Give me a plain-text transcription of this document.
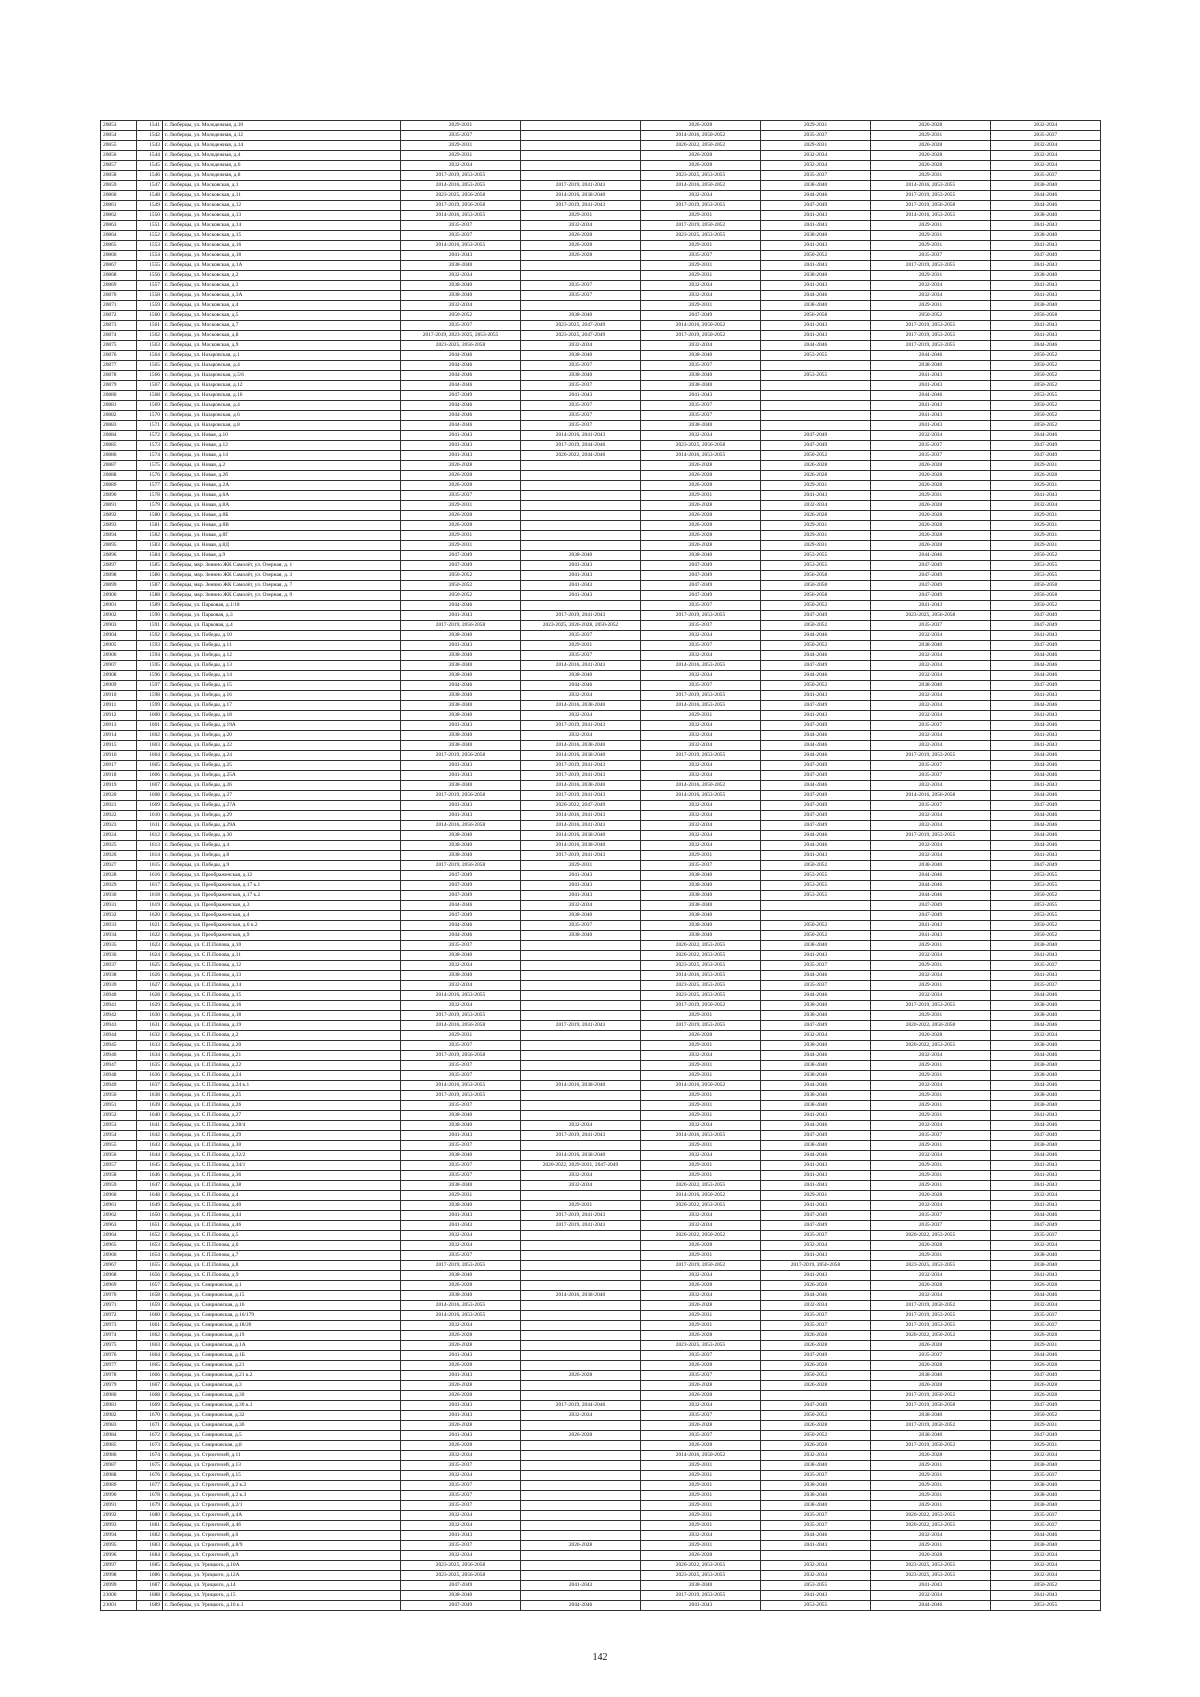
20853	1541	г. Люберцы, ул. Молодежная, д.10	2029-2031		2026-2028	2029-2031	2026-2028	2032-2034
20854	1542	г. Люберцы, ул. Молодежная, д.12	2035-2037		2014-2016, 2050-2052	2035-2037	2029-2031	2035-2037
20855	1543	г. Люберцы, ул. Молодежная, д.14	2029-2031		2020-2022, 2050-2052	2029-2031	2026-2028	2032-2034
20856	1544	г. Люберцы, ул. Молодежная, д.4	2029-2031		2026-2028	2032-2034	2026-2028	2032-2034
20857	1545	г. Люберцы, ул. Молодежная, д.6	2032-2034		2026-2028	2032-2034	2026-2028	2032-2034
20858	1546	г. Люберцы, ул. Молодежная, д.8	2017-2019, 2053-2055		2023-2025, 2053-2055	2035-2037	2029-2031	2035-2037
20859	1547	г. Люберцы, ул. Московская, д.1	2014-2016, 2053-2055	2017-2019, 2041-2043	2014-2016, 2050-2052	2038-2040	2014-2016, 2053-2055	2038-2040
20860	1548	г. Люберцы, ул. Московская, д.11	2023-2025, 2056-2058	2014-2016, 2038-2040	2032-2034	2044-2046	2017-2019, 2053-2055	2044-2046
20861	1549	г. Люберцы, ул. Московская, д.12	2017-2019, 2056-2058	2017-2019, 2041-2043	2017-2019, 2053-2055	2047-2049	2017-2019, 2056-2058	2044-2046
20862	1550	г. Люберцы, ул. Московская, д.13	2014-2016, 2053-2055	2029-2031	2029-2031	2041-2043	2014-2016, 2053-2055	2038-2040
20863	1551	г. Люберцы, ул. Московская, д.14	2035-2037	2032-2034	2017-2019, 2050-2052	2041-2043	2029-2031	2041-2043
20864	1552	г. Люберцы, ул. Московская, д.15	2035-2037	2026-2028	2023-2025, 2053-2055	2038-2040	2029-2031	2038-2040
20865	1553	г. Люберцы, ул. Московская, д.16	2014-2016, 2053-2055	2026-2028	2029-2031	2041-2043	2029-2031	2041-2043
20866	1554	г. Люберцы, ул. Московская, д.18	2041-2043	2026-2028	2035-2037	2050-2052	2035-2037	2047-2049
20867	1555	г. Люберцы, ул. Московская, д.1А	2038-2040		2029-2031	2041-2043	2017-2019, 2053-2055	2041-2043
20868	1556	г. Люберцы, ул. Московская, д.2	2032-2034		2029-2031	2038-2040	2029-2031	2038-2040
20869	1557	г. Люберцы, ул. Московская, д.3	2038-2040	2035-2037	2032-2034	2041-2043	2032-2034	2041-2043
20870	1558	г. Люберцы, ул. Московская, д.3А	2038-2040	2035-2037	2032-2034	2044-2046	2032-2034	2041-2043
20871	1559	г. Люберцы, ул. Московская, д.4	2032-2034		2029-2031	2038-2040	2029-2031	2038-2040
20872	1560	г. Люберцы, ул. Московская, д.5	2050-2052	2038-2040	2047-2049	2056-2058	2050-2052	2056-2058
20873	1561	г. Люберцы, ул. Московская, д.7	2035-2037	2023-2025, 2047-2049	2014-2016, 2050-2052	2041-2043	2017-2019, 2053-2055	2041-2043
20874	1562	г. Люберцы, ул. Московская, д.8	2017-2019, 2023-2025, 2053-2055	2023-2025, 2047-2049	2017-2019, 2050-2052	2041-2043	2017-2019, 2053-2055	2041-2043
20875	1563	г. Люберцы, ул. Московская, д.9	2023-2025, 2056-2058	2032-2034	2032-2034	2044-2046	2017-2019, 2053-2055	2044-2046
20876	1564	г. Люберцы, ул. Назаровская, д.1	2044-2046	2038-2040	2038-2040	2053-2055	2044-2046	2050-2052
20877	1565	г. Люберцы, ул. Назаровская, д.4	2044-2046	2035-2037	2035-2037		2038-2040	2050-2052
20878	1566	г. Люберцы, ул. Назаровская, д.5/6	2044-2046	2038-2040	2038-2040	2053-2055	2041-2043	2050-2052
20879	1567	г. Люберцы, ул. Назаровская, д.12	2044-2046	2035-2037	2038-2040		2041-2043	2050-2052
20880	1568	г. Люберцы, ул. Назаровская, д.16	2047-2049	2041-2043	2041-2043		2044-2046	2053-2055
20881	1569	г. Люберцы, ул. Назаровская, д.4	2044-2046	2035-2037	2035-2037		2041-2043	2050-2052
20882	1570	г. Люберцы, ул. Назаровская, д.6	2044-2046	2035-2037	2035-2037		2041-2043	2050-2052
20883	1571	г. Люберцы, ул. Назаровская, д.8	2044-2046	2035-2037	2038-2040		2041-2043	2050-2052
20884	1572	г. Люберцы, ул. Новая, д.10	2041-2043	2014-2016, 2041-2043	2032-2034	2047-2049	2032-2034	2044-2046
20885	1573	г. Люберцы, ул. Новая, д.12	2041-2043	2017-2019, 2044-2046	2023-2025, 2056-2058	2047-2049	2035-2037	2047-2049
20886	1574	г. Люберцы, ул. Новая, д.14	2041-2043	2020-2022, 2044-2046	2014-2016, 2053-2055	2050-2052	2035-2037	2047-2049
20887	1575	г. Люберцы, ул. Новая, д.2	2026-2028		2026-2028	2026-2028	2026-2028	2029-2031
20888	1576	г. Люберцы, ул. Новая, д.2б	2026-2028		2026-2028	2026-2028	2026-2028	2026-2028
20889	1577	г. Люберцы, ул. Новая, д.2А	2026-2028		2026-2028	2029-2031	2026-2028	2029-2031
20890	1578	г. Люберцы, ул. Новая, д.6А	2035-2037		2029-2031	2041-2043	2029-2031	2041-2043
20891	1579	г. Люберцы, ул. Новая, д.8А	2029-2031		2026-2028	2032-2034	2026-2028	2032-2034
20892	1580	г. Люберцы, ул. Новая, д.8Б	2026-2028		2026-2028	2026-2028	2026-2028	2029-2031
20893	1581	г. Люберцы, ул. Новая, д.8В	2026-2028		2026-2028	2029-2031	2026-2028	2029-2031
20894	1582	г. Люберцы, ул. Новая, д.8Г	2029-2031		2026-2028	2029-2031	2026-2028	2029-2031
20895	1583	г. Люберцы, ул. Новая, д.8Д	2029-2031		2026-2028	2029-2031	2026-2028	2029-2031
20896	1584	г. Люберцы, ул. Новая, д.9	2047-2049	2038-2040	2038-2040	2053-2055	2044-2046	2050-2052
20897	1585	г. Люберцы, мкр. Зенино ЖК Самолёт, ул. Озерная, д. 1	2047-2049	2041-2043	2047-2049	2053-2055	2047-2049	2053-2055
20898	1586	г. Люберцы, мкр. Зенино ЖК Самолёт, ул. Озерная, д. 3	2050-2052	2041-2043	2047-2049	2056-2058	2047-2049	2053-2055
20899	1587	г. Люберцы, мкр. Зенино ЖК Самолёт, ул. Озерная, д. 7	2050-2052	2041-2043	2047-2049	2056-2058	2047-2049	2056-2058
20900	1588	г. Люберцы, мкр. Зенино ЖК Самолёт, ул. Озерная, д. 9	2050-2052	2041-2043	2047-2049	2056-2058	2047-2049	2056-2058
20901	1589	г. Люберцы, ул. Парковая, д.1/18	2044-2046		2035-2037	2050-2052	2041-2043	2050-2052
20902	1590	г. Люберцы, ул. Парковая, д.3	2041-2043	2017-2019, 2041-2043	2017-2019, 2053-2055	2047-2049	2023-2025, 2056-2058	2047-2049
20903	1591	г. Люберцы, ул. Парковая, д.4	2017-2019, 2056-2058	2023-2025, 2026-2028, 2050-2052	2035-2037	2050-2052	2035-2037	2047-2049
20904	1592	г. Люберцы, ул. Победы, д.10	2038-2040	2035-2037	2032-2034	2044-2046	2032-2034	2041-2043
20905	1593	г. Люберцы, ул. Победы, д.11	2041-2043	2029-2031	2035-2037	2050-2052	2038-2040	2047-2049
20906	1594	г. Люберцы, ул. Победы, д.12	2038-2040	2035-2037	2032-2034	2044-2046	2032-2034	2044-2046
20907	1595	г. Люберцы, ул. Победы, д.13	2038-2040	2014-2016, 2041-2043	2014-2016, 2053-2055	2047-2049	2032-2034	2044-2046
20908	1596	г. Люберцы, ул. Победы, д.14	2038-2040	2038-2040	2032-2034	2044-2046	2032-2034	2044-2046
20909	1597	г. Люберцы, ул. Победы, д.15	2044-2046	2044-2046	2035-2037	2050-2052	2038-2040	2047-2049
20910	1598	г. Люберцы, ул. Победы, д.16	2038-2040	2032-2034	2017-2019, 2053-2055	2041-2043	2032-2034	2041-2043
20911	1599	г. Люберцы, ул. Победы, д.17	2038-2040	2014-2016, 2038-2040	2014-2016, 2053-2055	2047-2049	2032-2034	2044-2046
20912	1600	г. Люберцы, ул. Победы, д.18	2038-2040	2032-2034	2029-2031	2041-2043	2032-2034	2041-2043
20913	1601	г. Люберцы, ул. Победы, д.19А	2041-2043	2017-2019, 2041-2043	2032-2034	2047-2049	2035-2037	2044-2046
20914	1602	г. Люберцы, ул. Победы, д.20	2038-2040	2032-2034	2032-2034	2044-2046	2032-2034	2041-2043
20915	1603	г. Люберцы, ул. Победы, д.22	2038-2040	2014-2016, 2038-2040	2032-2034	2044-2046	2032-2034	2041-2043
20916	1604	г. Люберцы, ул. Победы, д.24	2017-2019, 2056-2058	2014-2016, 2038-2040	2017-2019, 2053-2055	2044-2046	2017-2019, 2053-2055	2044-2046
20917	1605	г. Люберцы, ул. Победы, д.25	2041-2043	2017-2019, 2041-2043	2032-2034	2047-2049	2035-2037	2044-2046
20918	1606	г. Люберцы, ул. Победы, д.25А	2041-2043	2017-2019, 2041-2043	2032-2034	2047-2049	2035-2037	2044-2046
20919	1607	г. Люберцы, ул. Победы, д.26	2038-2040	2014-2016, 2038-2040	2014-2016, 2050-2052	2044-2046	2032-2034	2041-2043
20920	1608	г. Люберцы, ул. Победы, д.27	2017-2019, 2056-2058	2017-2019, 2041-2043	2014-2016, 2053-2055	2047-2049	2014-2016, 2056-2058	2044-2046
20921	1609	г. Люберцы, ул. Победы, д.27А	2041-2043	2020-2022, 2047-2049	2032-2034	2047-2049	2035-2037	2047-2049
20922	1610	г. Люберцы, ул. Победы, д.29	2041-2043	2014-2016, 2041-2043	2032-2034	2047-2049	2032-2034	2044-2046
20923	1611	г. Люберцы, ул. Победы, д.29А	2014-2016, 2056-2058	2014-2016, 2041-2043	2032-2034	2047-2049	2032-2034	2044-2046
20924	1612	г. Люберцы, ул. Победы, д.30	2038-2040	2014-2016, 2038-2040	2032-2034	2044-2046	2017-2019, 2053-2055	2044-2046
20925	1613	г. Люберцы, ул. Победы, д.4	2038-2040	2014-2016, 2038-2040	2032-2034	2044-2046	2032-2034	2044-2046
20926	1614	г. Люберцы, ул. Победы, д.8	2038-2040	2017-2019, 2041-2043	2029-2031	2041-2043	2032-2034	2041-2043
20927	1615	г. Люберцы, ул. Победы, д.9	2017-2019, 2056-2058	2029-2031	2035-2037	2050-2052	2038-2040	2047-2049
20928	1616	г. Люберцы, ул. Преображенская, д.12	2047-2049	2041-2043	2038-2040	2053-2055	2044-2046	2053-2055
20929	1617	г. Люберцы, ул. Преображенская, д.17 к.1	2047-2049	2041-2043	2038-2040	2053-2055	2044-2046	2053-2055
20930	1618	г. Люберцы, ул. Преображенская, д.17 к.2	2047-2049	2041-2043	2038-2040	2053-2055	2044-2046	2050-2052
20931	1619	г. Люберцы, ул. Преображенская, д.3	2044-2046	2032-2034	2038-2040		2047-2049	2053-2055
20932	1620	г. Люберцы, ул. Преображенская, д.4	2047-2049	2038-2040	2038-2040		2047-2049	2053-2055
20933	1621	г. Люберцы, ул. Преображенская, д.6 к.2	2044-2046	2035-2037	2038-2040	2050-2052	2041-2043	2050-2052
20934	1622	г. Люберцы, ул. Преображенская, д.9	2044-2046	2038-2040	2038-2040	2050-2052	2041-2043	2050-2052
20935	1623	г. Люберцы, ул. С.П.Попова, д.10	2035-2037		2020-2022, 2053-2055	2038-2040	2029-2031	2038-2040
20936	1624	г. Люберцы, ул. С.П.Попова, д.11	2038-2040		2020-2022, 2053-2055	2041-2043	2032-2034	2041-2043
20937	1625	г. Люберцы, ул. С.П.Попова, д.12	2032-2034		2023-2025, 2053-2055	2035-2037	2029-2031	2035-2037
20938	1626	г. Люберцы, ул. С.П.Попова, д.13	2038-2040		2014-2016, 2053-2055	2044-2046	2032-2034	2041-2043
20939	1627	г. Люберцы, ул. С.П.Попова, д.14	2032-2034		2023-2025, 2053-2055	2035-2037	2029-2031	2035-2037
20940	1628	г. Люберцы, ул. С.П.Попова, д.15	2014-2016, 2053-2055		2023-2025, 2053-2055	2044-2046	2032-2034	2044-2046
20941	1629	г. Люберцы, ул. С.П.Попова, д.16	2032-2034		2017-2019, 2050-2052	2038-2040	2017-2019, 2053-2055	2038-2040
20942	1630	г. Люберцы, ул. С.П.Попова, д.18	2017-2019, 2053-2055		2029-2031	2038-2040	2029-2031	2038-2040
20943	1631	г. Люберцы, ул. С.П.Попова, д.19	2014-2016, 2056-2058	2017-2019, 2041-2043	2017-2019, 2053-2055	2047-2049	2020-2022, 2056-2058	2044-2046
20944	1632	г. Люберцы, ул. С.П.Попова, д.2	2029-2031		2026-2028	2032-2034	2026-2028	2032-2034
20945	1633	г. Люберцы, ул. С.П.Попова, д.20	2035-2037		2029-2031	2038-2040	2020-2022, 2053-2055	2038-2040
20946	1634	г. Люберцы, ул. С.П.Попова, д.21	2017-2019, 2056-2058		2032-2034	2044-2046	2032-2034	2044-2046
20947	1635	г. Люберцы, ул. С.П.Попова, д.22	2035-2037		2029-2031	2038-2040	2029-2031	2038-2040
20948	1636	г. Люберцы, ул. С.П.Попова, д.24	2035-2037		2029-2031	2038-2040	2029-2031	2038-2040
20949	1637	г. Люберцы, ул. С.П.Попова, д.24 к.1	2014-2016, 2053-2055	2014-2016, 2038-2040	2014-2016, 2050-2052	2044-2046	2032-2034	2044-2046
20950	1638	г. Люберцы, ул. С.П.Попова, д.25	2017-2019, 2053-2055		2029-2031	2038-2040	2029-2031	2038-2040
20951	1639	г. Люберцы, ул. С.П.Попова, д.26	2035-2037		2029-2031	2038-2040	2029-2031	2038-2040
20952	1640	г. Люберцы, ул. С.П.Попова, д.27	2038-2040		2029-2031	2041-2043	2029-2031	2041-2043
20953	1641	г. Люберцы, ул. С.П.Попова, д.28/4	2038-2040	2032-2034	2032-2034	2044-2046	2032-2034	2044-2046
20954	1642	г. Люберцы, ул. С.П.Попова, д.29	2041-2043	2017-2019, 2041-2043	2014-2016, 2053-2055	2047-2049	2035-2037	2047-2049
20955	1643	г. Люберцы, ул. С.П.Попова, д.30	2035-2037		2029-2031	2038-2040	2029-2031	2038-2040
20956	1644	г. Люберцы, ул. С.П.Попова, д.32/2	2038-2040	2014-2016, 2038-2040	2032-2034	2044-2046	2032-2034	2044-2046
20957	1645	г. Люберцы, ул. С.П.Попова, д.34/1	2035-2037	2020-2022, 2029-2031, 2047-2049	2029-2031	2041-2043	2029-2031	2041-2043
20958	1646	г. Люберцы, ул. С.П.Попова, д.36	2035-2037	2032-2034	2029-2031	2041-2043	2029-2031	2041-2043
20959	1647	г. Люберцы, ул. С.П.Попова, д.38	2038-2040	2032-2034	2020-2022, 2053-2055	2041-2043	2029-2031	2041-2043
20960	1648	г. Люберцы, ул. С.П.Попова, д.4	2029-2031		2014-2016, 2050-2052	2029-2031	2026-2028	2032-2034
20961	1649	г. Люберцы, ул. С.П.Попова, д.40	2038-2040	2029-2031	2020-2022, 2053-2055	2041-2043	2032-2034	2041-2043
20962	1650	г. Люберцы, ул. С.П.Попова, д.44	2041-2043	2017-2019, 2041-2043	2032-2034	2047-2049	2035-2037	2044-2046
20963	1651	г. Люберцы, ул. С.П.Попова, д.46	2041-2043	2017-2019, 2041-2043	2032-2034	2047-2049	2035-2037	2047-2049
20964	1652	г. Люберцы, ул. С.П.Попова, д.5	2032-2034		2020-2022, 2050-2052	2035-2037	2020-2022, 2053-2055	2035-2037
20965	1653	г. Люберцы, ул. С.П.Попова, д.6	2032-2034		2026-2028	2032-2034	2026-2028	2032-2034
20966	1654	г. Люберцы, ул. С.П.Попова, д.7	2035-2037		2029-2031	2041-2043	2029-2031	2038-2040
20967	1655	г. Люберцы, ул. С.П.Попова, д.8	2017-2019, 2053-2055		2017-2019, 2050-2052	2017-2019, 2056-2058	2023-2025, 2053-2055	2038-2040
20968	1656	г. Люберцы, ул. С.П.Попова, д.9	2038-2040		2032-2034	2041-2043	2032-2034	2041-2043
20969	1657	г. Люберцы, ул. Смирновская, д.1	2026-2028		2026-2028	2026-2028	2026-2028	2026-2028
20970	1658	г. Люберцы, ул. Смирновская, д.15	2038-2040	2014-2016, 2038-2040	2032-2034	2044-2046	2032-2034	2044-2046
20971	1659	г. Люберцы, ул. Смирновская, д.16	2014-2016, 2053-2055		2026-2028	2032-2034	2017-2019, 2050-2052	2032-2034
20972	1660	г. Люберцы, ул. Смирновская, д.16/179	2014-2016, 2053-2055		2029-2031	2035-2037	2017-2019, 2053-2055	2035-2037
20973	1661	г. Люберцы, ул. Смирновская, д.18/20	2032-2034		2029-2031	2035-2037	2017-2019, 2053-2055	2035-2037
20974	1662	г. Люберцы, ул. Смирновская, д.19	2026-2028		2026-2028	2026-2028	2020-2022, 2050-2052	2026-2028
20975	1663	г. Люберцы, ул. Смирновская, д.1А	2026-2028		2023-2025, 2053-2055	2026-2028	2026-2028	2029-2031
20976	1664	г. Люберцы, ул. Смирновская, д.1Б	2041-2043		2035-2037	2047-2049	2035-2037	2044-2046
20977	1665	г. Люберцы, ул. Смирновская, д.21	2026-2028		2026-2028	2026-2028	2026-2028	2026-2028
20978	1666	г. Люберцы, ул. Смирновская, д.21 к.2	2041-2043	2026-2028	2035-2037	2050-2052	2038-2040	2047-2049
20979	1667	г. Люберцы, ул. Смирновская, д.3	2026-2028		2026-2028	2026-2028	2026-2028	2026-2028
20980	1668	г. Люберцы, ул. Смирновская, д.30	2026-2028		2026-2028		2017-2019, 2050-2052	2026-2028
20981	1669	г. Люберцы, ул. Смирновская, д.30 к.1	2041-2043	2017-2019, 2044-2046	2032-2034	2047-2049	2017-2019, 2056-2058	2047-2049
20982	1670	г. Люберцы, ул. Смирновская, д.32	2041-2043	2032-2034	2035-2037	2050-2052	2038-2040	2050-2052
20983	1671	г. Люберцы, ул. Смирновская, д.3б	2026-2028		2026-2028	2026-2028	2017-2019, 2050-2052	2029-2031
20984	1672	г. Люберцы, ул. Смирновская, д.5	2041-2043	2026-2028	2035-2037	2050-2052	2038-2040	2047-2049
20985	1673	г. Люберцы, ул. Смирновская, д.8	2026-2028		2026-2028	2026-2028	2017-2019, 2050-2052	2029-2031
20986	1674	г. Люберцы, ул. Строителей, д.11	2032-2034		2014-2016, 2050-2052	2032-2034	2026-2028	2032-2034
20987	1675	г. Люберцы, ул. Строителей, д.13	2035-2037		2029-2031	2038-2040	2029-2031	2038-2040
20988	1676	г. Люберцы, ул. Строителей, д.15	2032-2034		2029-2031	2035-2037	2029-2031	2035-2037
20989	1677	г. Люберцы, ул. Строителей, д.2 к.2	2035-2037		2029-2031	2038-2040	2029-2031	2038-2040
20990	1678	г. Люберцы, ул. Строителей, д.2 к.3	2035-2037		2029-2031	2038-2040	2029-2031	2038-2040
20991	1679	г. Люберцы, ул. Строителей, д.2/1	2035-2037		2029-2031	2038-2040	2029-2031	2038-2040
20992	1680	г. Люберцы, ул. Строителей, д.4А	2032-2034		2029-2031	2035-2037	2020-2022, 2053-2055	2035-2037
20993	1681	г. Люберцы, ул. Строителей, д.4б	2032-2034		2029-2031	2035-2037	2020-2022, 2053-2055	2035-2037
20994	1682	г. Люберцы, ул. Строителей, д.6	2041-2043		2032-2034	2044-2046	2032-2034	2044-2046
20995	1683	г. Люберцы, ул. Строителей, д.8/9	2035-2037	2026-2028	2029-2031	2041-2043	2029-2031	2038-2040
20996	1684	г. Люберцы, ул. Строителей, д.9	2032-2034		2026-2028		2026-2028	2032-2034
20997	1685	г. Люберцы, ул. Урицкого, д.10А	2023-2025, 2056-2058		2020-2022, 2053-2055	2032-2034	2023-2025, 2053-2055	2032-2034
20998	1686	г. Люберцы, ул. Урицкого, д.12А	2023-2025, 2056-2058		2023-2025, 2053-2055	2032-2034	2023-2025, 2053-2055	2032-2034
20999	1687	г. Люберцы, ул. Урицкого, д.14	2047-2049	2041-2043	2038-2040	2053-2055	2041-2043	2050-2052
21000	1688	г. Люберцы, ул. Урицкого, д.15	2038-2040		2017-2019, 2053-2055	2041-2043	2032-2034	2041-2043
21001	1689	г. Люберцы, ул. Урицкого, д.16 к.1	2047-2049	2044-2046	2041-2043	2053-2055	2044-2046	2053-2055
142
